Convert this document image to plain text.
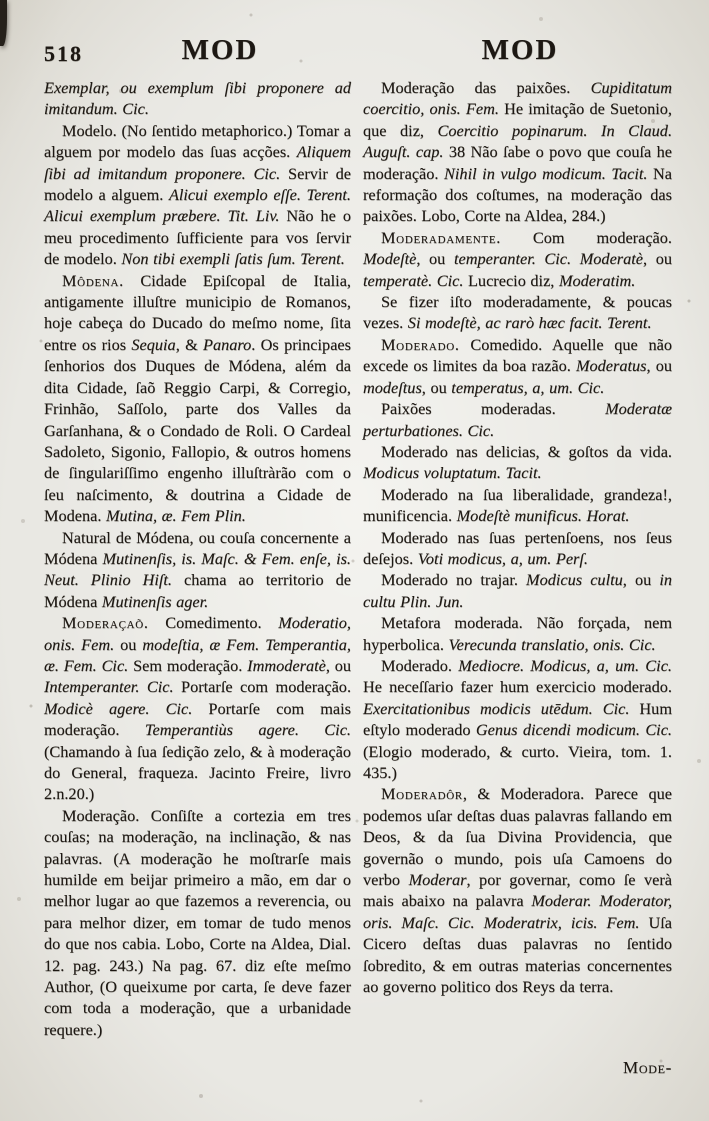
518	MOD	MOD

Exemplar, ou exemplum ſibi proponere ad imitandum. Cic.

Modelo. (No ſentido metaphorico.) Tomar a alguem por modelo das ſuas acções. Aliquem ſibi ad imitandum proponere. Cic. Servir de modelo a alguem. Alicui exemplo eſſe. Terent. Alicui exemplum præbere. Tit. Liv. Não he o meu procedimento ſufficiente para vos ſervir de modelo. Non tibi exempli ſatis ſum. Terent.

Môdena. Cidade Epiſcopal de Italia, antigamente illuſtre municipio de Romanos, hoje cabeça do Ducado do meſmo nome, ſita entre os rios Sequia, & Panaro. Os principaes ſenhorios dos Duques de Módena, além da dita Cidade, ſaõ Reggio Carpi, & Corregio, Frinhão, Saſſolo, parte dos Valles da Garſanhana, & o Condado de Roli. O Cardeal Sadoleto, Sigonio, Fallopio, & outros homens de ſingulariſſimo engenho illuſtràrão com o ſeu naſcimento, & doutrina a Cidade de Modena. Mutina, æ. Fem Plin.

Natural de Módena, ou couſa concernente a Módena Mutinenſis, is. Maſc. & Fem. enſe, is. Neut. Plinio Hiſt. chama ao territorio de Módena Mutinenſis ager.

Moderaçaõ. Comedimento. Moderatio, onis. Fem. ou modeſtia, æ Fem. Temperantia, æ. Fem. Cic. Sem moderação. Immoderatè, ou Intemperanter. Cic. Portarſe com moderação. Modicè agere. Cic. Portarſe com mais moderação. Temperantiùs agere. Cic. (Chamando à ſua ſedição zelo, & à moderação do General, fraqueza. Jacinto Freire, livro 2.n.20.)

Moderação. Conſiſte a cortezia em tres couſas; na moderação, na inclinação, & nas palavras. (A moderação he moſtrarſe mais humilde em beijar primeiro a mão, em dar o melhor lugar ao que fazemos a reverencia, ou para melhor dizer, em tomar de tudo menos do que nos cabia. Lobo, Corte na Aldea, Dial. 12. pag. 243.) Na pag. 67. diz eſte meſmo Author, (O queixume por carta, ſe deve fazer com toda a moderação, que a urbanidade requere.)

Moderação das paixões. Cupiditatum coercitio, onis. Fem. He imitação de Suetonio, que diz, Coercitio popinarum. In Claud. Auguſt. cap. 38 Não ſabe o povo que couſa he moderação. Nihil in vulgo modicum. Tacit. Na reformação dos coſtumes, na moderação das paixões. Lobo, Corte na Aldea, 284.)

Moderadamente. Com moderação. Modeſtè, ou temperanter. Cic. Moderatè, ou temperatè. Cic. Lucrecio diz, Moderatim.

Se fizer iſto moderadamente, & poucas vezes. Si modeſtè, ac rarò hæc facit. Terent.

Moderado. Comedido. Aquelle que não excede os limites da boa razão. Moderatus, ou modeſtus, ou temperatus, a, um. Cic.

Paixões moderadas. Moderatæ perturbationes. Cic.

Moderado nas delicias, & goſtos da vida. Modicus voluptatum. Tacit.

Moderado na ſua liberalidade, grandeza!, munificencia. Modeſtè munificus. Horat.

Moderado nas ſuas pertenſoens, nos ſeus deſejos. Voti modicus, a, um. Perſ.

Moderado no trajar. Modicus cultu, ou in cultu Plin. Jun.

Metafora moderada. Não forçada, nem hyperbolica. Verecunda translatio, onis. Cic.

Moderado. Mediocre. Modicus, a, um. Cic. He neceſſario fazer hum exercicio moderado. Exercitationibus modicis utēdum. Cic. Hum eſtylo moderado Genus dicendi modicum. Cic. (Elogio moderado, & curto. Vieira, tom. 1. 435.)

Moderadôr, & Moderadora. Parece que podemos uſar deſtas duas palavras fallando em Deos, & da ſua Divina Providencia, que governão o mundo, pois uſa Camoens do verbo Moderar, por governar, como ſe verà mais abaixo na palavra Moderar. Moderator, oris. Maſc. Cic. Moderatrix, icis. Fem. Uſa Cicero deſtas duas palavras no ſentido ſobredito, & em outras materias concernentes ao governo politico dos Reys da terra.

Mode-
